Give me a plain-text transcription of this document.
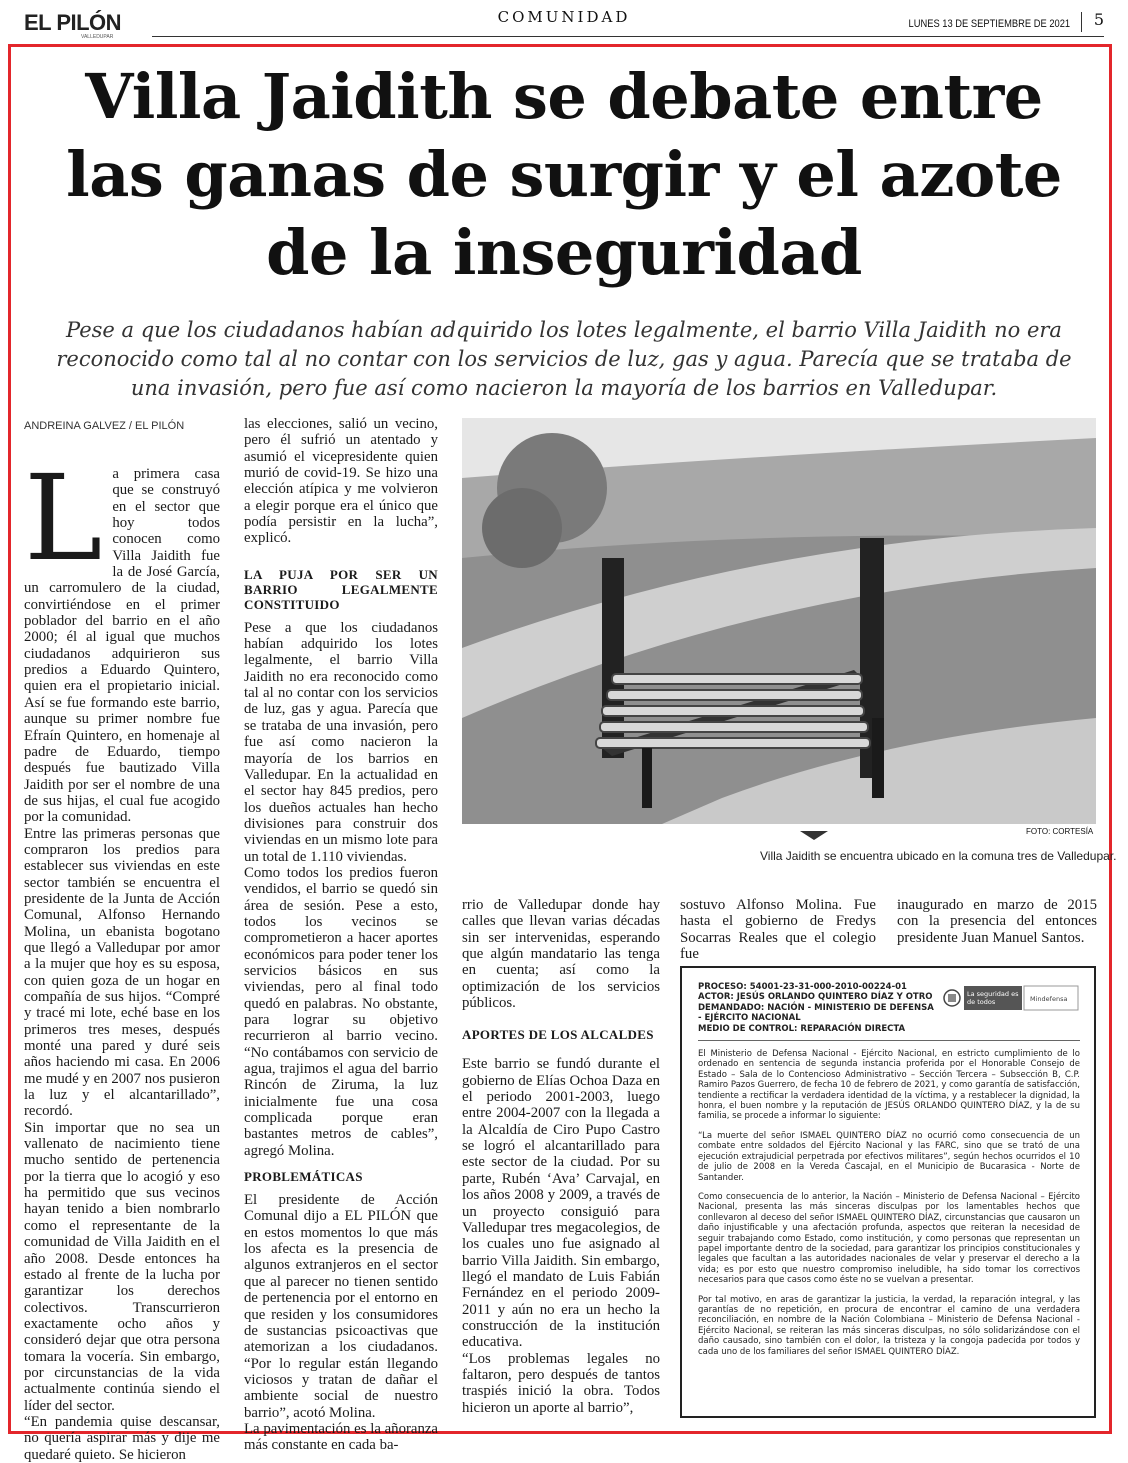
EL PILÓN
VALLEDUPAR
COMUNIDAD	LUNES 13 DE SEPTIEMBRE DE 2021 5
Villa Jaidith se debate entre las ganas de surgir y el azote de la inseguridad
Pese a que los ciudadanos habían adquirido los lotes legalmente, el barrio Villa Jaidith no era reconocido como tal al no contar con los servicios de luz, gas y agua. Parecía que se trataba de una invasión, pero fue así como nacieron la mayoría de los barrios en Valledupar.
ANDREINA GALVEZ / EL PILÓN
L a primera casa que se construyó en el sector que hoy todos conocen como Villa Jaidith fue la de José García, un carromulero de la ciudad, convirtiéndose en el primer poblador del barrio en el año 2000; él al igual que muchos ciudadanos adquirieron sus predios a Eduardo Quintero, quien era el propietario inicial. Así se fue formando este barrio, aunque su primer nombre fue Efraín Quintero, en homenaje al padre de Eduardo, tiempo después fue bautizado Villa Jaidith por ser el nombre de una de sus hijas, el cual fue acogido por la comunidad.

Entre las primeras personas que compraron los predios para establecer sus viviendas en este sector también se encuentra el presidente de la Junta de Acción Comunal, Alfonso Hernando Molina, un ebanista bogotano que llegó a Valledupar por amor a la mujer que hoy es su esposa, con quien goza de un hogar en compañía de sus hijos. “Compré y tracé mi lote, eché base en los primeros tres meses, después monté una pared y duré seis años haciendo mi casa. En 2006 me mudé y en 2007 nos pusieron la luz y el alcantarillado”, recordó.

Sin importar que no sea un vallenato de nacimiento tiene mucho sentido de pertenencia por la tierra que lo acogió y eso ha permitido que sus vecinos hayan tenido a bien nombrarlo como el representante de la comunidad de Villa Jaidith en el año 2008. Desde entonces ha estado al frente de la lucha por garantizar los derechos colectivos. Transcurrieron exactamente ocho años y consideró dejar que otra persona tomara la vocería. Sin embargo, por circunstancias de la vida actualmente continúa siendo el líder del sector.

“En pandemia quise descansar, no quería aspirar más y dije me quedaré quieto. Se hicieron

las elecciones, salió un vecino, pero él sufrió un atentado y asumió el vicepresidente quien murió de covid-19. Se hizo una elección atípica y me volvieron a elegir porque era el único que podía persistir en la lucha”, explicó.

LA PUJA POR SER UN BARRIO LEGALMENTE CONSTITUIDO

Pese a que los ciudadanos habían adquirido los lotes legalmente, el barrio Villa Jaidith no era reconocido como tal al no contar con los servicios de luz, gas y agua. Parecía que se trataba de una invasión, pero fue así como nacieron la mayoría de los barrios en Valledupar. En la actualidad en el sector hay 845 predios, pero los dueños actuales han hecho divisiones para construir dos viviendas en un mismo lote para un total de 1.110 viviendas.

Como todos los predios fueron vendidos, el barrio se quedó sin área de sesión. Pese a esto, todos los vecinos se comprometieron a hacer aportes económicos para poder tener los servicios básicos en sus viviendas, pero al final todo quedó en palabras. No obstante, para lograr su objetivo recurrieron al barrio vecino. “No contábamos con servicio de agua, trajimos el agua del barrio Rincón de Ziruma, la luz inicialmente fue una cosa complicada porque eran bastantes metros de cables”, agregó Molina.

PROBLEMÁTICAS

El presidente de Acción Comunal dijo a EL PILÓN que en estos momentos lo que más los afecta es la presencia de algunos extranjeros en el sector que al parecer no tienen sentido de pertenencia por el entorno en que residen y los consumidores de sustancias psicoactivas que atemorizan a los ciudadanos. “Por lo regular están llegando viciosos y tratan de dañar el ambiente social de nuestro barrio”, acotó Molina.

La pavimentación es la añoranza más constante en cada ba-

FOTO: CORTESÍA
Villa Jaidith se encuentra ubicado en la comuna tres de Valledupar.

rrio de Valledupar donde hay calles que llevan varias décadas sin ser intervenidas, esperando que algún mandatario las tenga en cuenta; así como la optimización de los servicios públicos.

APORTES DE LOS ALCALDES

Este barrio se fundó durante el gobierno de Elías Ochoa Daza en el periodo 2001-2003, luego entre 2004-2007 con la llegada a la Alcaldía de Ciro Pupo Castro se logró el alcantarillado para este sector de la ciudad. Por su parte, Rubén ‘Ava’ Carvajal, en los años 2008 y 2009, a través de un proyecto consiguió para Valledupar tres megacolegios, de los cuales uno fue asignado al barrio Villa Jaidith. Sin embargo, llegó el mandato de Luis Fabián Fernández en el periodo 2009-2011 y aún no era un hecho la construcción de la institución educativa.

“Los problemas legales no faltaron, pero después de tantos traspiés inició la obra. Todos hicieron un aporte al barrio”,

sostuvo Alfonso Molina. Fue hasta el gobierno de Fredys Socarras Reales que el colegio fue

inaugurado en marzo de 2015 con la presencia del entonces presidente Juan Manuel Santos.

PROCESO: 54001-23-31-000-2010-00224-01
ACTOR: JESÚS ORLANDO QUINTERO DÍAZ Y OTRO
DEMANDADO: NACIÓN - MINISTERIO DE DEFENSA - EJÉRCITO NACIONAL
MEDIO DE CONTROL: REPARACIÓN DIRECTA
La seguridad es de todos	Mindefensa

El Ministerio de Defensa Nacional - Ejército Nacional, en estricto cumplimiento de lo ordenado en sentencia de segunda instancia proferida por el Honorable Consejo de Estado – Sala de lo Contencioso Administrativo – Sección Tercera – Subsección B, C.P. Ramiro Pazos Guerrero, de fecha 10 de febrero de 2021, y como garantía de satisfacción, tendiente a rectificar la verdadera identidad de la víctima, y a restablecer la dignidad, la honra, el buen nombre y la reputación de JESÚS ORLANDO QUINTERO DÍAZ, y la de su familia, se procede a informar lo siguiente:

“La muerte del señor ISMAEL QUINTERO DÍAZ no ocurrió como consecuencia de un combate entre soldados del Ejército Nacional y las FARC, sino que se trató de una ejecución extrajudicial perpetrada por efectivos militares”, según hechos ocurridos el 10 de julio de 2008 en la Vereda Cascajal, en el Municipio de Bucarasica - Norte de Santander.

Como consecuencia de lo anterior, la Nación – Ministerio de Defensa Nacional – Ejército Nacional, presenta las más sinceras disculpas por los lamentables hechos que conllevaron al deceso del señor ISMAEL QUINTERO DÍAZ, circunstancias que causaron un daño injustificable y una afectación profunda, aspectos que reiteran la necesidad de seguir trabajando como Estado, como institución, y como personas que representan un papel importante dentro de la sociedad, para garantizar los principios constitucionales y legales que facultan a las autoridades nacionales de velar y preservar el derecho a la vida; es por esto que nuestro compromiso ineludible, ha sido tomar los correctivos necesarios para que casos como éste no se vuelvan a presentar.

Por tal motivo, en aras de garantizar la justicia, la verdad, la reparación integral, y las garantías de no repetición, en procura de encontrar el camino de una verdadera reconciliación, en nombre de la Nación Colombiana – Ministerio de Defensa Nacional - Ejército Nacional, se reiteran las más sinceras disculpas, no sólo solidarizándose con el daño causado, sino también con el dolor, la tristeza y la congoja padecida por todos y cada uno de los familiares del señor ISMAEL QUINTERO DÍAZ.
